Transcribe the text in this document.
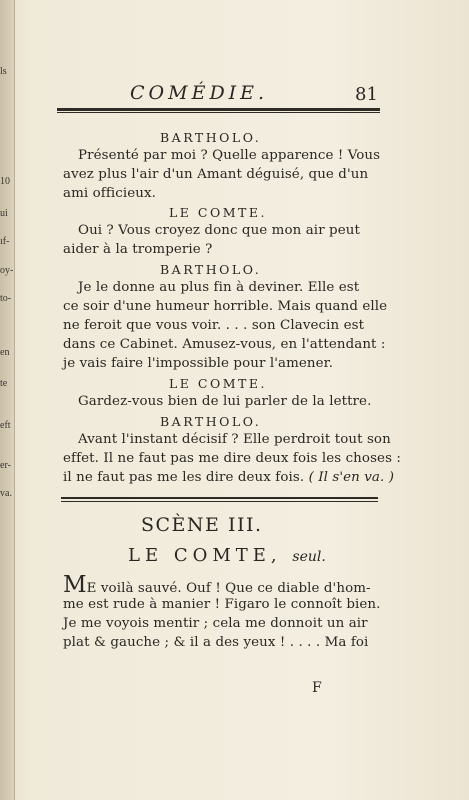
ls
10
ui
ıf-
oy-
to-
en
te
eft
er-
va.
COMÉDIE.	81
BARTHOLO.
Présenté par moi ? Quelle apparence ! Vous
avez plus l'air d'un Amant déguisé, que d'un
ami officieux.
LE COMTE.
Oui ? Vous croyez donc que mon air peut
aider à la tromperie ?
BARTHOLO.
Je le donne au plus fin à deviner. Elle est
ce soir d'une humeur horrible. Mais quand elle
ne feroit que vous voir. . . . son Clavecin est
dans ce Cabinet. Amusez-vous, en l'attendant :
je vais faire l'impossible pour l'amener.
LE COMTE.
Gardez-vous bien de lui parler de la lettre.
BARTHOLO.
Avant l'instant décisif ? Elle perdroit tout son
effet. Il ne faut pas me dire deux fois les choses :
il ne faut pas me les dire deux fois. ( Il s'en va. )
SCÈNE III.
LE COMTE, seul.
ME voilà sauvé. Ouf ! Que ce diable d'hom-
me est rude à manier ! Figaro le connoît bien.
Je me voyois mentir ; cela me donnoit un air
plat & gauche ; & il a des yeux ! . . . . Ma foi
F
